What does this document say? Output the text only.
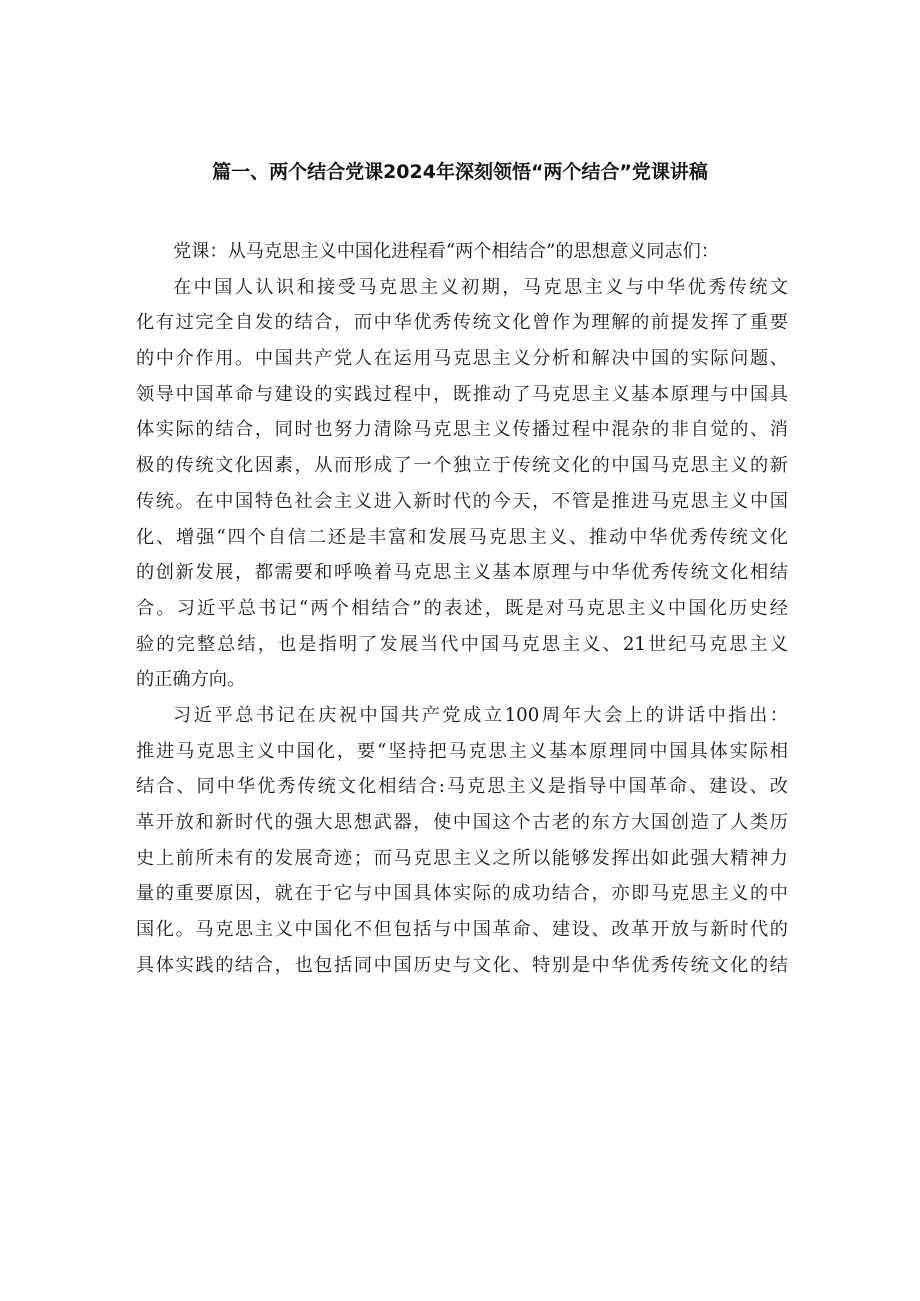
篇一、两个结合党课2024年深刻领悟“两个结合”党课讲稿
党课：从马克思主义中国化进程看“两个相结合”的思想意义同志们：
在中国人认识和接受马克思主义初期，马克思主义与中华优秀传统文
化有过完全自发的结合，而中华优秀传统文化曾作为理解的前提发挥了重要
的中介作用。中国共产党人在运用马克思主义分析和解决中国的实际问题、
领导中国革命与建设的实践过程中，既推动了马克思主义基本原理与中国具
体实际的结合，同时也努力清除马克思主义传播过程中混杂的非自觉的、消
极的传统文化因素，从而形成了一个独立于传统文化的中国马克思主义的新
传统。在中国特色社会主义进入新时代的今天，不管是推进马克思主义中国
化、增强“四个自信二还是丰富和发展马克思主义、推动中华优秀传统文化
的创新发展，都需要和呼唤着马克思主义基本原理与中华优秀传统文化相结
合。习近平总书记“两个相结合”的表述，既是对马克思主义中国化历史经
验的完整总结，也是指明了发展当代中国马克思主义、21世纪马克思主义
的正确方向。
习近平总书记在庆祝中国共产党成立100周年大会上的讲话中指出：
推进马克思主义中国化，要“坚持把马克思主义基本原理同中国具体实际相
结合、同中华优秀传统文化相结合:马克思主义是指导中国革命、建设、改
革开放和新时代的强大思想武器，使中国这个古老的东方大国创造了人类历
史上前所未有的发展奇迹；而马克思主义之所以能够发挥出如此强大精神力
量的重要原因，就在于它与中国具体实际的成功结合，亦即马克思主义的中
国化。马克思主义中国化不但包括与中国革命、建设、改革开放与新时代的
具体实践的结合，也包括同中国历史与文化、特别是中华优秀传统文化的结
